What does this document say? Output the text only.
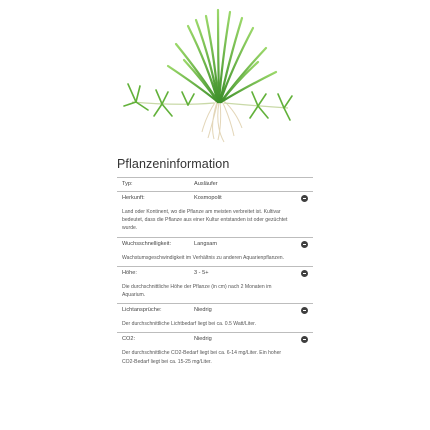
Pflanzeninformation
Typ:	Ausläufer
Herkunft:	Kosmopolit
Land oder Kontinent, wo die Pflanze am meisten verbreitet ist. Kultivar bedeutet, dass die Pflanze aus einer Kultur entstanden ist oder gezüchtet wurde.
Wuchsschnelligkeit:	Langsam
Wachstumsgeschwindigkeit im Verhältnis zu anderen Aquarienpflanzen.
Höhe:	3 - 5+
Die durchschnittliche Höhe der Pflanze (in cm) nach 2 Monaten im Aquarium.
Lichtansprüche:	Niedrig
Der durchschnittliche Lichtbedarf liegt bei ca. 0.5 Watt/Liter.
CO2:	Niedrig
Der durchschnittliche CO2-Bedarf liegt bei ca. 6-14 mg/Liter. Ein hoher CO2-Bedarf liegt bei ca. 15-25 mg/Liter.
